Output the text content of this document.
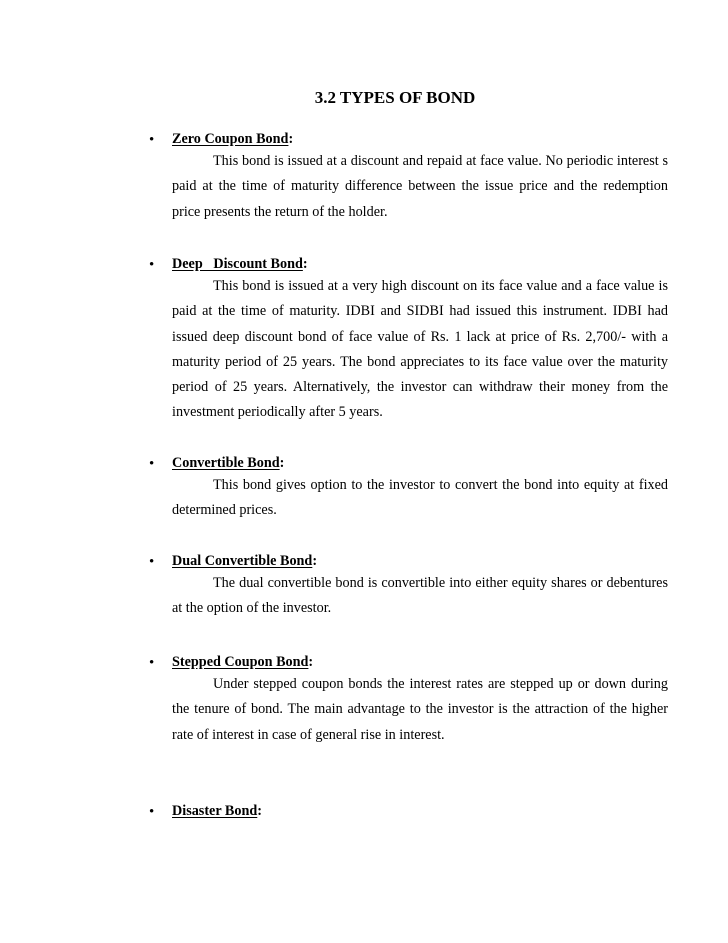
3.2 TYPES OF BOND
• Zero Coupon Bond:
This bond is issued at a discount and repaid at face value. No periodic interest s paid at the time of maturity difference between the issue price and the redemption price presents the return of the holder.
• Deep   Discount Bond:
This bond is issued at a very high discount on its face value and a face value is paid at the time of maturity. IDBI and SIDBI had issued this instrument. IDBI had issued deep discount bond of face value of Rs. 1 lack at price of Rs. 2,700/- with a maturity period of 25 years. The bond appreciates to its face value over the maturity period of 25 years. Alternatively, the investor can withdraw their money from the investment periodically after 5 years.
• Convertible Bond:
This bond gives option to the investor to convert the bond into equity at fixed determined prices.
• Dual Convertible Bond:
The dual convertible bond is convertible into either equity shares or debentures at the option of the investor.
• Stepped Coupon Bond:
Under stepped coupon bonds the interest rates are stepped up or down during the tenure of bond. The main advantage to the investor is the attraction of the higher rate of interest in case of general rise in interest.
• Disaster Bond:
